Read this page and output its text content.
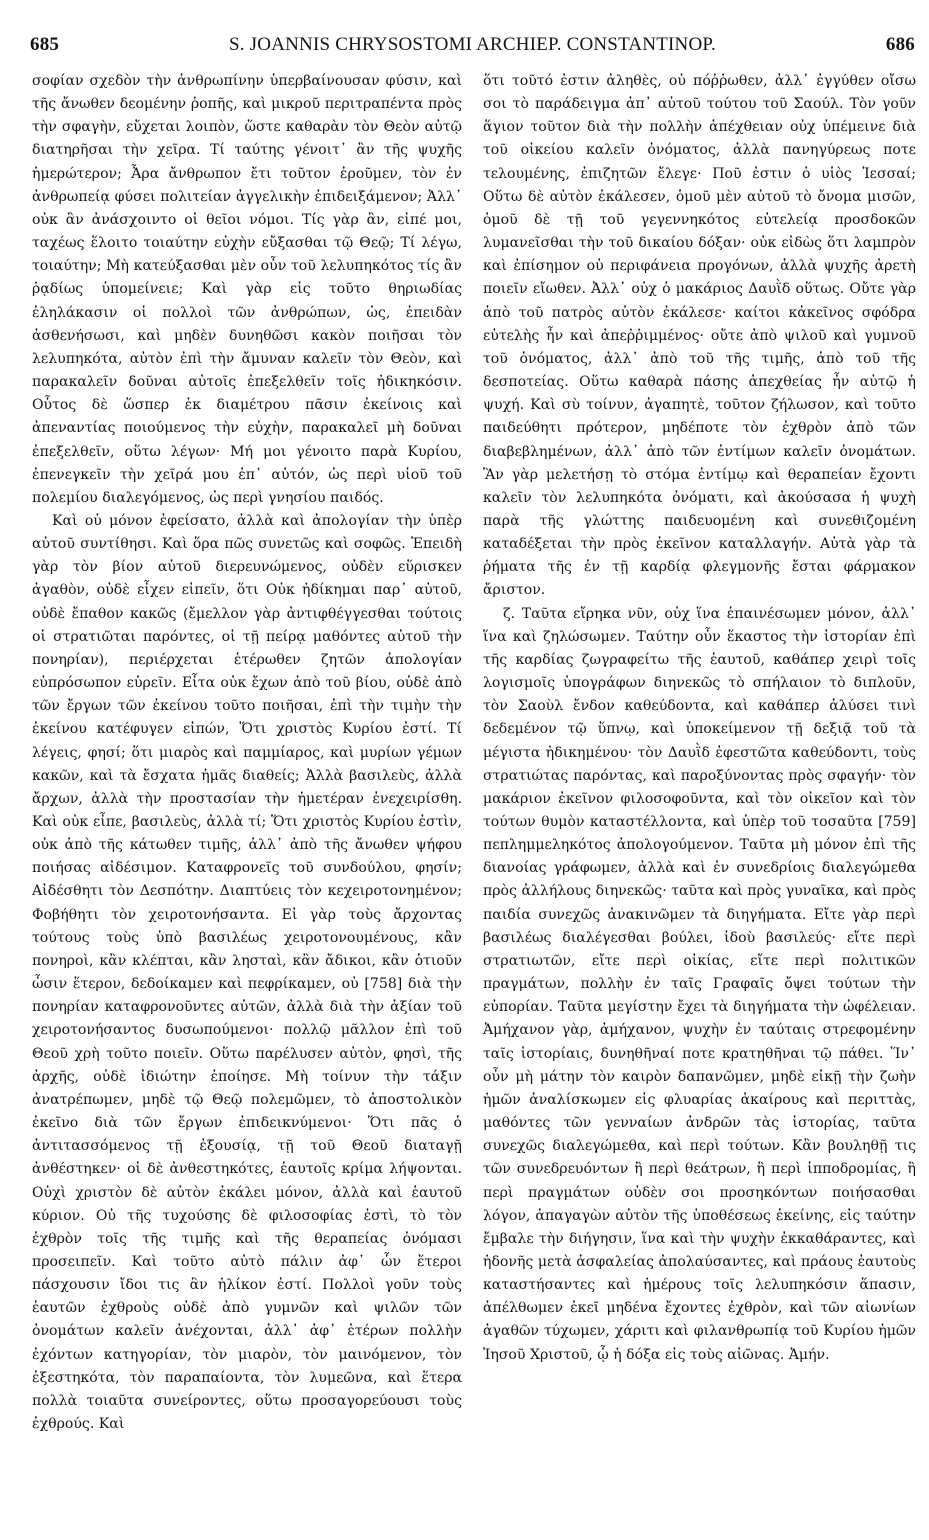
685	S. JOANNIS CHRYSOSTOMI ARCHIEP. CONSTANTINOP.	686

σοφίαν σχεδὸν τὴν ἀνθρωπίνην ὑπερβαίνουσαν φύσιν, καὶ τῆς ἄνωθεν δεομένην ῥοπῆς, καὶ μικροῦ περιτραπέντα πρὸς τὴν σφαγὴν, εὔχεται λοιπὸν, ὥστε καθαρὰν τὸν Θεὸν αὐτῷ διατηρῆσαι τὴν χεῖρα. Τί ταύτης γένοιτ᾽ ἂν τῆς ψυχῆς ἡμερώτερον; Ἆρα ἄνθρωπον ἔτι τοῦτον ἐροῦμεν, τὸν ἐν ἀνθρωπείᾳ φύσει πολιτείαν ἀγγελικὴν ἐπιδειξάμενον; Ἀλλ᾽ οὐκ ἂν ἀνάσχοιντο οἱ θεῖοι νόμοι. Τίς γὰρ ἂν, εἰπέ μοι, ταχέως ἕλοιτο τοιαύτην εὐχὴν εὔξασθαι τῷ Θεῷ; Τί λέγω, τοιαύτην; Μὴ κατεύξασθαι μὲν οὖν τοῦ λελυπηκότος τίς ἂν ῥᾳδίως ὑπομείνειε; Καὶ γὰρ εἰς τοῦτο θηριωδίας ἐληλάκασιν οἱ πολλοὶ τῶν ἀνθρώπων, ὡς, ἐπειδὰν ἀσθενήσωσι, καὶ μηδὲν δυνηθῶσι κακὸν ποιῆσαι τὸν λελυπηκότα, αὐτὸν ἐπὶ τὴν ἄμυναν καλεῖν τὸν Θεὸν, καὶ παρακαλεῖν δοῦναι αὐτοῖς ἐπεξελθεῖν τοῖς ἠδικηκόσιν. Οὗτος δὲ ὥσπερ ἐκ διαμέτρου πᾶσιν ἐκείνοις καὶ ἀπεναντίας ποιούμενος τὴν εὐχὴν, παρακαλεῖ μὴ δοῦναι ἐπεξελθεῖν, οὕτω λέγων· Μή μοι γένοιτο παρὰ Κυρίου, ἐπενεγκεῖν τὴν χεῖρά μου ἐπ᾽ αὐτόν, ὡς περὶ υἱοῦ τοῦ πολεμίου διαλεγόμενος, ὡς περὶ γνησίου παιδός.

Καὶ οὐ μόνον ἐφείσατο, ἀλλὰ καὶ ἀπολογίαν τὴν ὑπὲρ αὐτοῦ συντίθησι. Καὶ ὅρα πῶς συνετῶς καὶ σοφῶς. Ἐπειδὴ γὰρ τὸν βίον αὐτοῦ διερευνώμενος, οὐδὲν εὕρισκεν ἀγαθὸν, οὐδὲ εἶχεν εἰπεῖν, ὅτι Οὐκ ἠδίκημαι παρ᾽ αὐτοῦ, οὐδὲ ἔπαθον κακῶς (ἔμελλον γὰρ ἀντιφθέγγεσθαι τούτοις οἱ στρατιῶται παρόντες, οἱ τῇ πείρᾳ μαθόντες αὐτοῦ τὴν πονηρίαν), περιέρχεται ἑτέρωθεν ζητῶν ἀπολογίαν εὐπρόσωπον εὑρεῖν. Εἶτα οὐκ ἔχων ἀπὸ τοῦ βίου, οὐδὲ ἀπὸ τῶν ἔργων τῶν ἐκείνου τοῦτο ποιῆσαι, ἐπὶ τὴν τιμὴν τὴν ἐκείνου κατέφυγεν εἰπών, Ὅτι χριστὸς Κυρίου ἐστί. Τί λέγεις, φησί; ὅτι μιαρὸς καὶ παμμίαρος, καὶ μυρίων γέμων κακῶν, καὶ τὰ ἔσχατα ἡμᾶς διαθείς; Ἀλλὰ βασιλεὺς, ἀλλὰ ἄρχων, ἀλλὰ τὴν προστασίαν τὴν ἡμετέραν ἐνεχειρίσθη. Καὶ οὐκ εἶπε, βασιλεὺς, ἀλλὰ τί; Ὅτι χριστὸς Κυρίου ἐστὶν, οὐκ ἀπὸ τῆς κάτωθεν τιμῆς, ἀλλ᾽ ἀπὸ τῆς ἄνωθεν ψήφου ποιήσας αἰδέσιμον. Καταφρονεῖς τοῦ συνδούλου, φησίν; Αἰδέσθητι τὸν Δεσπότην. Διαπτύεις τὸν κεχειροτονημένον; Φοβήθητι τὸν χειροτονήσαντα. Εἰ γὰρ τοὺς ἄρχοντας τούτους τοὺς ὑπὸ βασιλέως χειροτονουμένους, κἂν πονηροὶ, κἂν κλέπται, κἂν λησταὶ, κἂν ἄδικοι, κἂν ὁτιοῦν ὦσιν ἕτερον, δεδοίκαμεν καὶ πεφρίκαμεν, οὐ [758] διὰ τὴν πονηρίαν καταφρονοῦντες αὐτῶν, ἀλλὰ διὰ τὴν ἀξίαν τοῦ χειροτονήσαντος δυσωπούμενοι· πολλῷ μᾶλλον ἐπὶ τοῦ Θεοῦ χρὴ τοῦτο ποιεῖν. Οὕτω παρέλυσεν αὐτὸν, φησὶ, τῆς ἀρχῆς, οὐδὲ ἰδιώτην ἐποίησε. Μὴ τοίνυν τὴν τάξιν ἀνατρέπωμεν, μηδὲ τῷ Θεῷ πολεμῶμεν, τὸ ἀποστολικὸν ἐκεῖνο διὰ τῶν ἔργων ἐπιδεικνύμενοι· Ὅτι πᾶς ὁ ἀντιτασσόμενος τῇ ἐξουσίᾳ, τῇ τοῦ Θεοῦ διαταγῇ ἀνθέστηκεν· οἱ δὲ ἀνθεστηκότες, ἑαυτοῖς κρίμα λήψονται. Οὐχὶ χριστὸν δὲ αὐτὸν ἐκάλει μόνον, ἀλλὰ καὶ ἑαυτοῦ κύριον. Οὐ τῆς τυχούσης δὲ φιλοσοφίας ἐστὶ, τὸ τὸν ἐχθρὸν τοῖς τῆς τιμῆς καὶ τῆς θεραπείας ὀνόμασι προσειπεῖν. Καὶ τοῦτο αὐτὸ πάλιν ἀφ᾽ ὧν ἕτεροι πάσχουσιν ἴδοι τις ἂν ἡλίκον ἐστί. Πολλοὶ γοῦν τοὺς ἑαυτῶν ἐχθροὺς οὐδὲ ἀπὸ γυμνῶν καὶ ψιλῶν τῶν ὀνομάτων καλεῖν ἀνέχονται, ἀλλ᾽ ἀφ᾽ ἑτέρων πολλὴν ἐχόντων κατηγορίαν, τὸν μιαρὸν, τὸν μαινόμενον, τὸν ἐξεστηκότα, τὸν παραπαίοντα, τὸν λυμεῶνα, καὶ ἕτερα πολλὰ τοιαῦτα συνείροντες, οὕτω προσαγορεύουσι τοὺς ἐχθρούς. Καὶ

ὅτι τοῦτό ἐστιν ἀληθὲς, οὐ πόῤῥωθεν, ἀλλ᾽ ἐγγύθεν οἴσω σοι τὸ παράδειγμα ἀπ᾽ αὐτοῦ τούτου τοῦ Σαούλ. Τὸν γοῦν ἅγιον τοῦτον διὰ τὴν πολλὴν ἀπέχθειαν οὐχ ὑπέμεινε διὰ τοῦ οἰκείου καλεῖν ὀνόματος, ἀλλὰ πανηγύρεως ποτε τελουμένης, ἐπιζητῶν ἔλεγε· Ποῦ ἐστιν ὁ υἱὸς Ἰεσσαί; Οὕτω δὲ αὐτὸν ἐκάλεσεν, ὁμοῦ μὲν αὐτοῦ τὸ ὄνομα μισῶν, ὁμοῦ δὲ τῇ τοῦ γεγεννηκότος εὐτελείᾳ προσδοκῶν λυμανεῖσθαι τὴν τοῦ δικαίου δόξαν· οὐκ εἰδὼς ὅτι λαμπρὸν καὶ ἐπίσημον οὐ περιφάνεια προγόνων, ἀλλὰ ψυχῆς ἀρετὴ ποιεῖν εἴωθεν. Ἀλλ᾽ οὐχ ὁ μακάριος Δαυῒδ οὕτως. Οὔτε γὰρ ἀπὸ τοῦ πατρὸς αὐτὸν ἐκάλεσε· καίτοι κἀκεῖνος σφόδρα εὐτελὴς ἦν καὶ ἀπεῤῥιμμένος· οὔτε ἀπὸ ψιλοῦ καὶ γυμνοῦ τοῦ ὀνόματος, ἀλλ᾽ ἀπὸ τοῦ τῆς τιμῆς, ἀπὸ τοῦ τῆς δεσποτείας. Οὕτω καθαρὰ πάσης ἀπεχθείας ἦν αὐτῷ ἡ ψυχή. Καὶ σὺ τοίνυν, ἀγαπητὲ, τοῦτον ζήλωσον, καὶ τοῦτο παιδεύθητι πρότερον, μηδέποτε τὸν ἐχθρὸν ἀπὸ τῶν διαβεβλημένων, ἀλλ᾽ ἀπὸ τῶν ἐντίμων καλεῖν ὀνομάτων. Ἂν γὰρ μελετήσῃ τὸ στόμα ἐντίμῳ καὶ θεραπείαν ἔχοντι καλεῖν τὸν λελυπηκότα ὀνόματι, καὶ ἀκούσασα ἡ ψυχὴ παρὰ τῆς γλώττης παιδευομένη καὶ συνεθιζομένη καταδέξεται τὴν πρὸς ἐκεῖνον καταλλαγήν. Αὐτὰ γὰρ τὰ ῥήματα τῆς ἐν τῇ καρδίᾳ φλεγμονῆς ἔσται φάρμακον ἄριστον.

ζ. Ταῦτα εἴρηκα νῦν, οὐχ ἵνα ἐπαινέσωμεν μόνον, ἀλλ᾽ ἵνα καὶ ζηλώσωμεν. Ταύτην οὖν ἕκαστος τὴν ἱστορίαν ἐπὶ τῆς καρδίας ζωγραφείτω τῆς ἑαυτοῦ, καθάπερ χειρὶ τοῖς λογισμοῖς ὑπογράφων διηνεκῶς τὸ σπήλαιον τὸ διπλοῦν, τὸν Σαοὺλ ἔνδον καθεύδοντα, καὶ καθάπερ ἁλύσει τινὶ δεδεμένον τῷ ὕπνῳ, καὶ ὑποκείμενον τῇ δεξιᾷ τοῦ τὰ μέγιστα ἠδικημένου· τὸν Δαυῒδ ἐφεστῶτα καθεύδοντι, τοὺς στρατιώτας παρόντας, καὶ παροξύνοντας πρὸς σφαγήν· τὸν μακάριον ἐκεῖνον φιλοσοφοῦντα, καὶ τὸν οἰκεῖον καὶ τὸν τούτων θυμὸν καταστέλλοντα, καὶ ὑπὲρ τοῦ τοσαῦτα [759] πεπλημμεληκότος ἀπολογούμενον. Ταῦτα μὴ μόνον ἐπὶ τῆς διανοίας γράφωμεν, ἀλλὰ καὶ ἐν συνεδρίοις διαλεγώμεθα πρὸς ἀλλήλους διηνεκῶς· ταῦτα καὶ πρὸς γυναῖκα, καὶ πρὸς παιδία συνεχῶς ἀνακινῶμεν τὰ διηγήματα. Εἴτε γὰρ περὶ βασιλέως διαλέγεσθαι βούλει, ἰδοὺ βασιλεύς· εἴτε περὶ στρατιωτῶν, εἴτε περὶ οἰκίας, εἴτε περὶ πολιτικῶν πραγμάτων, πολλὴν ἐν ταῖς Γραφαῖς ὄψει τούτων τὴν εὐπορίαν. Ταῦτα μεγίστην ἔχει τὰ διηγήματα τὴν ὠφέλειαν. Ἀμήχανον γὰρ, ἀμήχανον, ψυχὴν ἐν ταύταις στρεφομένην ταῖς ἱστορίαις, δυνηθῆναί ποτε κρατηθῆναι τῷ πάθει. Ἵν᾽ οὖν μὴ μάτην τὸν καιρὸν δαπανῶμεν, μηδὲ εἰκῇ τὴν ζωὴν ἡμῶν ἀναλίσκωμεν εἰς φλυαρίας ἀκαίρους καὶ περιττὰς, μαθόντες τῶν γενναίων ἀνδρῶν τὰς ἱστορίας, ταῦτα συνεχῶς διαλεγώμεθα, καὶ περὶ τούτων. Κἂν βουληθῇ τις τῶν συνεδρευόντων ἢ περὶ θεάτρων, ἢ περὶ ἱπποδρομίας, ἢ περὶ πραγμάτων οὐδὲν σοι προσηκόντων ποιήσασθαι λόγον, ἀπαγαγὼν αὐτὸν τῆς ὑποθέσεως ἐκείνης, εἰς ταύτην ἔμβαλε τὴν διήγησιν, ἵνα καὶ τὴν ψυχὴν ἐκκαθάραντες, καὶ ἡδονῆς μετὰ ἀσφαλείας ἀπολαύσαντες, καὶ πράους ἑαυτοὺς καταστήσαντες καὶ ἡμέρους τοῖς λελυπηκόσιν ἅπασιν, ἀπέλθωμεν ἐκεῖ μηδένα ἔχοντες ἐχθρὸν, καὶ τῶν αἰωνίων ἀγαθῶν τύχωμεν, χάριτι καὶ φιλανθρωπίᾳ τοῦ Κυρίου ἡμῶν Ἰησοῦ Χριστοῦ, ᾧ ἡ δόξα εἰς τοὺς αἰῶνας. Ἀμήν.
